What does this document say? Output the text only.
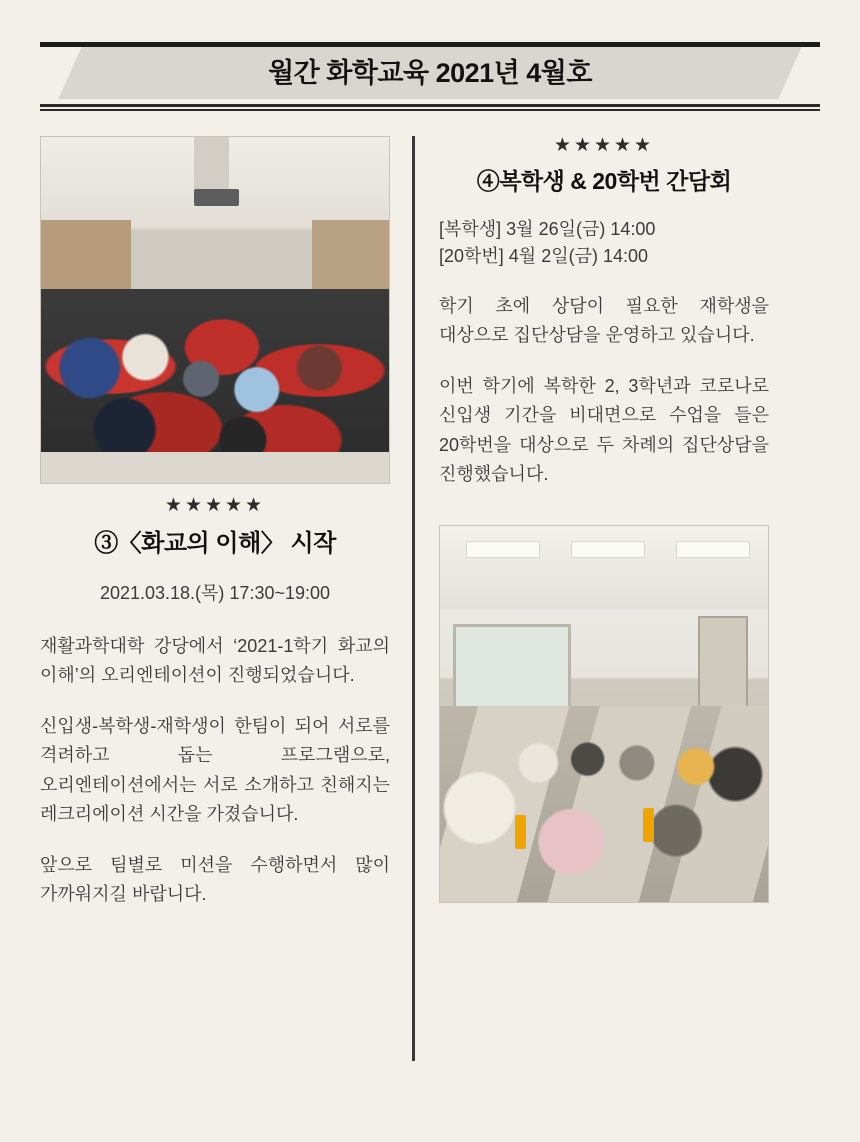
월간 화학교육 2021년 4월호
★★★★★
③〈화교의 이해〉 시작
2021.03.18.(목) 17:30~19:00
재활과학대학 강당에서 ‘2021-1학기 화교의 이해’의 오리엔테이션이 진행되었습니다.
신입생-복학생-재학생이 한팀이 되어 서로를 격려하고 돕는 프로그램으로, 오리엔테이션에서는 서로 소개하고 친해지는 레크리에이션 시간을 가졌습니다.
앞으로 팀별로 미션을 수행하면서 많이 가까워지길 바랍니다.
★★★★★
④복학생 & 20학번 간담회
[복학생] 3월 26일(금) 14:00
[20학번] 4월 2일(금) 14:00
학기 초에 상담이 필요한 재학생을 대상으로 집단상담을 운영하고 있습니다.
이번 학기에 복학한 2, 3학년과 코로나로 신입생 기간을 비대면으로 수업을 들은 20학번을 대상으로 두 차례의 집단상담을 진행했습니다.
